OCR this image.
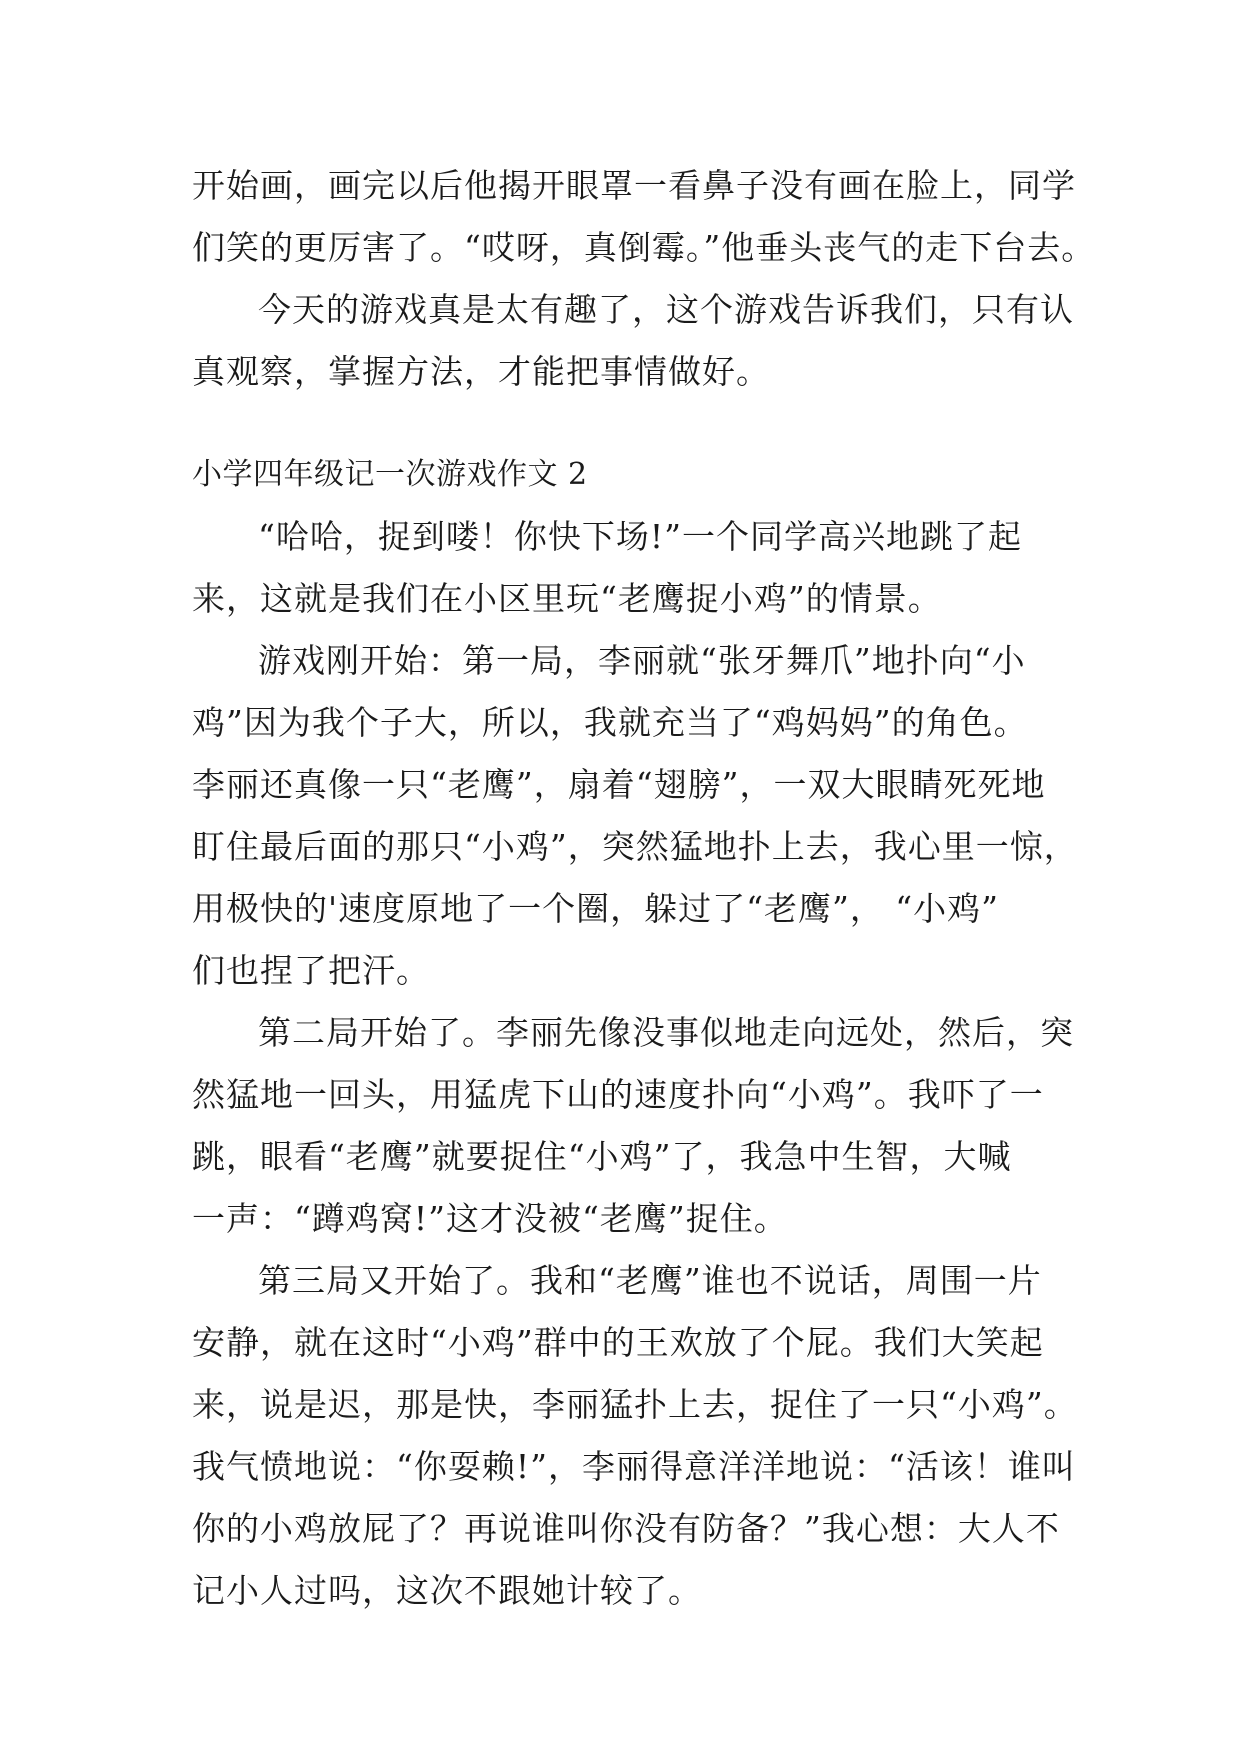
开始画，画完以后他揭开眼罩一看鼻子没有画在脸上，同学
们笑的更厉害了。“哎呀，真倒霉。”他垂头丧气的走下台去。
今天的游戏真是太有趣了，这个游戏告诉我们，只有认
真观察，掌握方法，才能把事情做好。
小学四年级记一次游戏作文 2
“哈哈，捉到喽！你快下场!”一个同学高兴地跳了起
来，这就是我们在小区里玩“老鹰捉小鸡”的情景。
游戏刚开始：第一局，李丽就“张牙舞爪”地扑向“小
鸡”因为我个子大，所以，我就充当了“鸡妈妈”的角色。
李丽还真像一只“老鹰”，扇着“翅膀”，一双大眼睛死死地
盯住最后面的那只“小鸡”，突然猛地扑上去，我心里一惊，
用极快的'速度原地了一个圈，躲过了“老鹰”， “小鸡”
们也捏了把汗。
第二局开始了。李丽先像没事似地走向远处，然后，突
然猛地一回头，用猛虎下山的速度扑向“小鸡”。我吓了一
跳，眼看“老鹰”就要捉住“小鸡”了，我急中生智，大喊
一声：“蹲鸡窝!”这才没被“老鹰”捉住。
第三局又开始了。我和“老鹰”谁也不说话，周围一片
安静，就在这时“小鸡”群中的王欢放了个屁。我们大笑起
来，说是迟，那是快，李丽猛扑上去，捉住了一只“小鸡”。
我气愤地说：“你耍赖!”，李丽得意洋洋地说：“活该！谁叫
你的小鸡放屁了？再说谁叫你没有防备？”我心想：大人不
记小人过吗，这次不跟她计较了。
